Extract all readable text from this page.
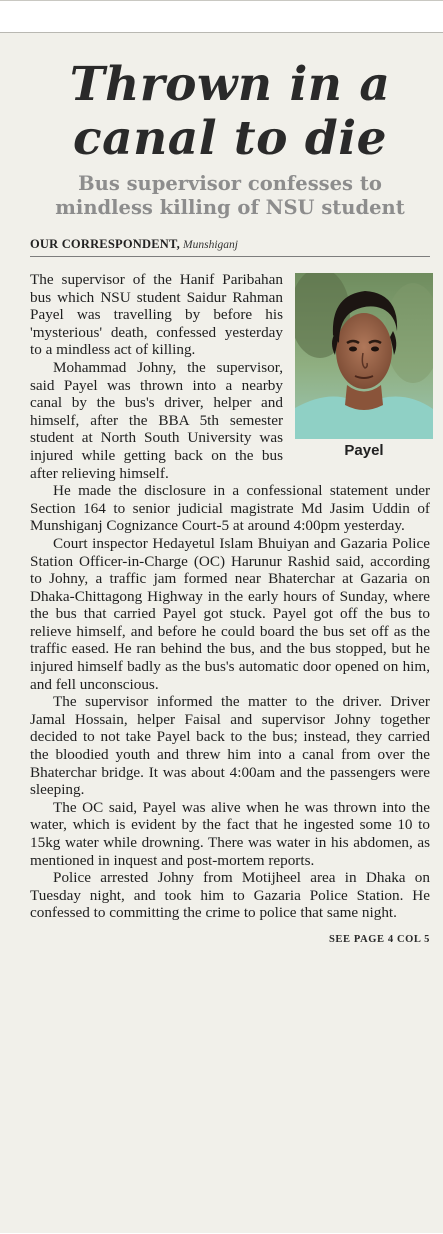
Thrown in a
canal to die
Bus supervisor confesses to
mindless killing of NSU student
OUR CORRESPONDENT, Munshiganj
Payel

The supervisor of the Hanif Paribahan bus which NSU student Saidur Rahman Payel was travelling by before his 'mysterious' death, confessed yesterday to a mindless act of killing.

Mohammad Johny, the supervisor, said Payel was thrown into a nearby canal by the bus's driver, helper and himself, after the BBA 5th semester student at North South University was injured while getting back on the bus after relieving himself.

He made the disclosure in a confessional statement under Section 164 to senior judicial magistrate Md Jasim Uddin of Munshiganj Cognizance Court-5 at around 4:00pm yesterday.

Court inspector Hedayetul Islam Bhuiyan and Gazaria Police Station Officer-in-Charge (OC) Harunur Rashid said, according to Johny, a traffic jam formed near Bhaterchar at Gazaria on Dhaka-Chittagong Highway in the early hours of Sunday, where the bus that carried Payel got stuck. Payel got off the bus to relieve himself, and before he could board the bus set off as the traffic eased. He ran behind the bus, and the bus stopped, but he injured himself badly as the bus's automatic door opened on him, and fell unconscious.

The supervisor informed the matter to the driver. Driver Jamal Hossain, helper Faisal and supervisor Johny together decided to not take Payel back to the bus; instead, they carried the bloodied youth and threw him into a canal from over the Bhaterchar bridge. It was about 4:00am and the passengers were sleeping.

The OC said, Payel was alive when he was thrown into the water, which is evident by the fact that he ingested some 10 to 15kg water while drowning. There was water in his abdomen, as mentioned in inquest and post-mortem reports.

Police arrested Johny from Motijheel area in Dhaka on Tuesday night, and took him to Gazaria Police Station. He confessed to committing the crime to police that same night.

SEE PAGE 4 COL 5
